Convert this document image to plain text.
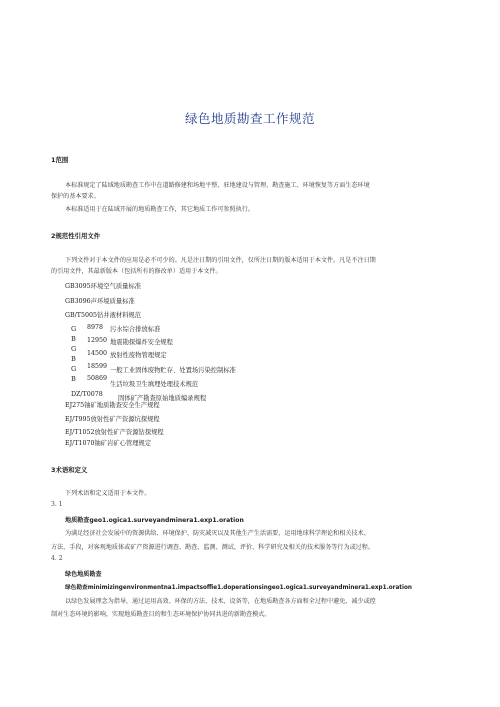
绿色地质勘查工作规范
1范围
本标准规定了陆域地质勘查工作中在道路修建和场地平整、驻地建设与管理、勘查施工、环境恢复等方面生态环境
保护的基本要求。
本标准适用于在陆域开展的地质勘查工作，其它地质工作可参照执行。
2规范性引用文件
下列文件对于本文件的应用是必不可少的。凡是注日期的引用文件，仅所注日期的版本适用于本文件。凡是不注日期
的引用文件，其最新版本（包括所有的修改单）适用于本文件。
GB3095环境空气质量标准
GB3096声环境质量标准
GB/T5005钻井液材料规范
G
B
G
B
G
B
8978 污水综合排放标准
12950 地震勘探爆炸安全规程
14500 放射性废物管理规定
18599
一般工业固体废物贮存、处置场污染控制标准
50869
生活垃圾卫生填埋处理技术规范
DZ/T0078
固体矿产勘查原始地质编录规程
EJ275铀矿地质勘查安全生产规程
EJ/T995放射性矿产资源坑探规程
EJ/T1052放射性矿产资源钻探规程
EJ/T1070铀矿岩矿心管理规定
3术语和定义
下列术语和定义适用于本文件。
3. 1
地质勘查geo1.ogica1.surveyandminera1.exp1.oration
为满足经济社会发展中的资源供给、环境保护、防灾减灾以及其他生产生活需要，运用地球科学理论和相关技术、
方法、手段，对客观地质体或矿产资源进行调查、勘查、监测、测试、评价、科学研究及相关的技术服务等行为或过程。
4. 2
绿色地质勘查
绿色勘查minimizingenvironmentna1.impactsoffie1.doperationsingeo1.ogica1.surveyandminera1.exp1.oration
以绿色发展理念为指导，通过运用高效、环保的方法、技术、设备等，在地质勘查各方面和全过程中避免、减少或控
制对生态环境的影响，实现地质勘查目的和生态环境保护协同共进的新勘查模式。
